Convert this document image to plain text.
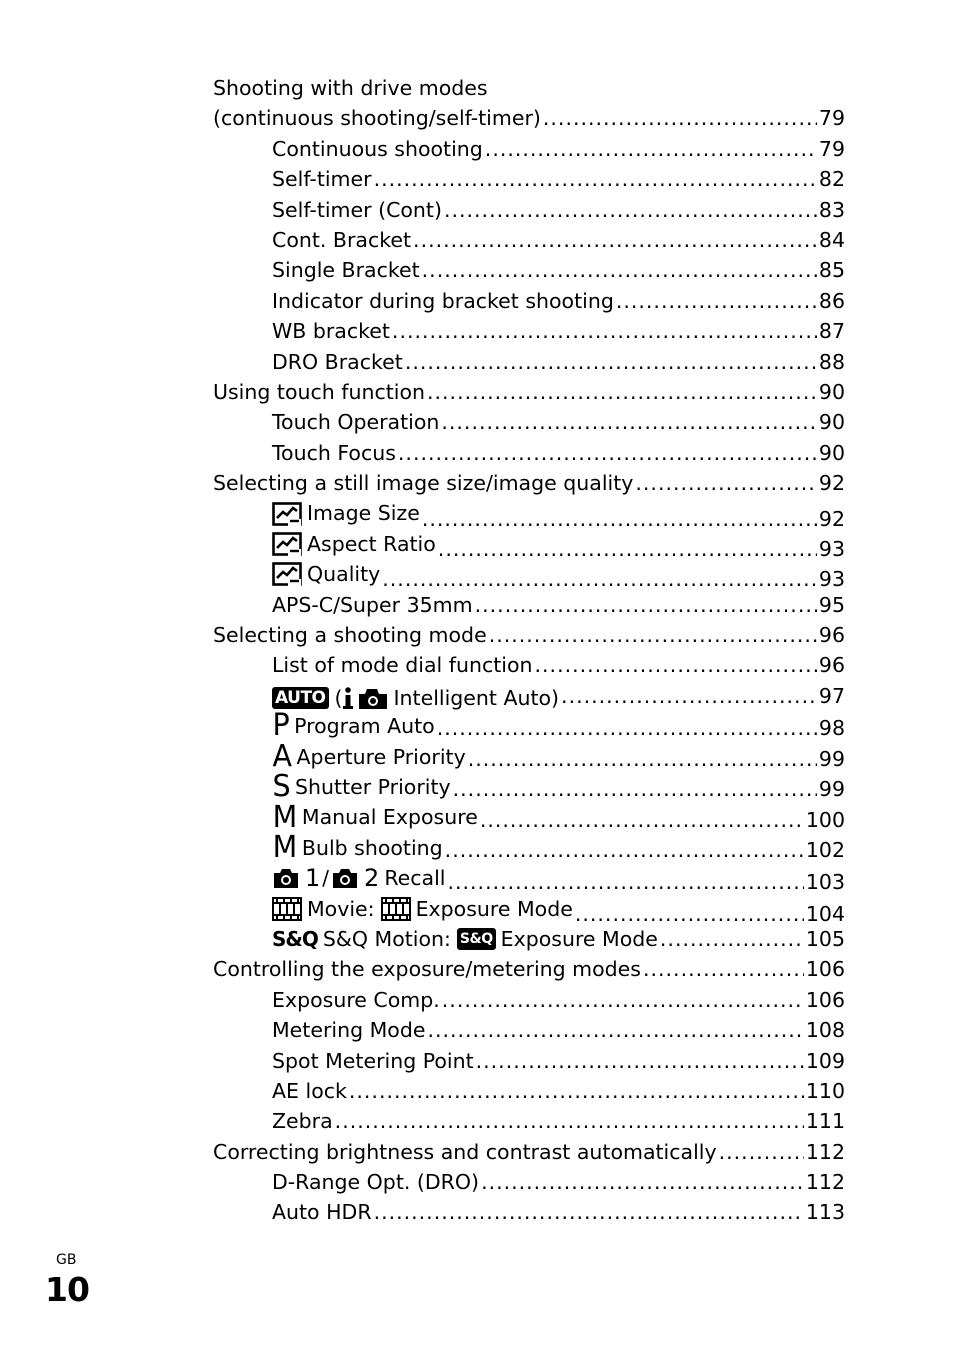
Shooting with drive modes
(continuous shooting/self-timer) .....	79
Continuous shooting .....	79
Self-timer .....	82
Self-timer (Cont) .....	83
Cont. Bracket .....	84
Single Bracket .....	85
Indicator during bracket shooting .....	86
WB bracket .....	87
DRO Bracket .....	88
Using touch function .....	90
Touch Operation .....	90
Touch Focus .....	90
Selecting a still image size/image quality .....	92
Image Size .....	92
Aspect Ratio .....	93
Quality .....	93
APS-C/Super 35mm .....	95
Selecting a shooting mode .....	96
List of mode dial function .....	96
AUTO ( Intelligent Auto) .....	97
P Program Auto .....	98
A Aperture Priority .....	99
S Shutter Priority .....	99
M Manual Exposure .....	100
M Bulb shooting .....	102
1 / 2 Recall .....	103
Movie: Exposure Mode .....	104
S&Q S&Q Motion: S&Q Exposure Mode .....	105
Controlling the exposure/metering modes .....	106
Exposure Comp. .....	106
Metering Mode .....	108
Spot Metering Point .....	109
AE lock .....	110
Zebra .....	111
Correcting brightness and contrast automatically .....	112
D-Range Opt. (DRO) .....	112
Auto HDR .....	113
GB
10
